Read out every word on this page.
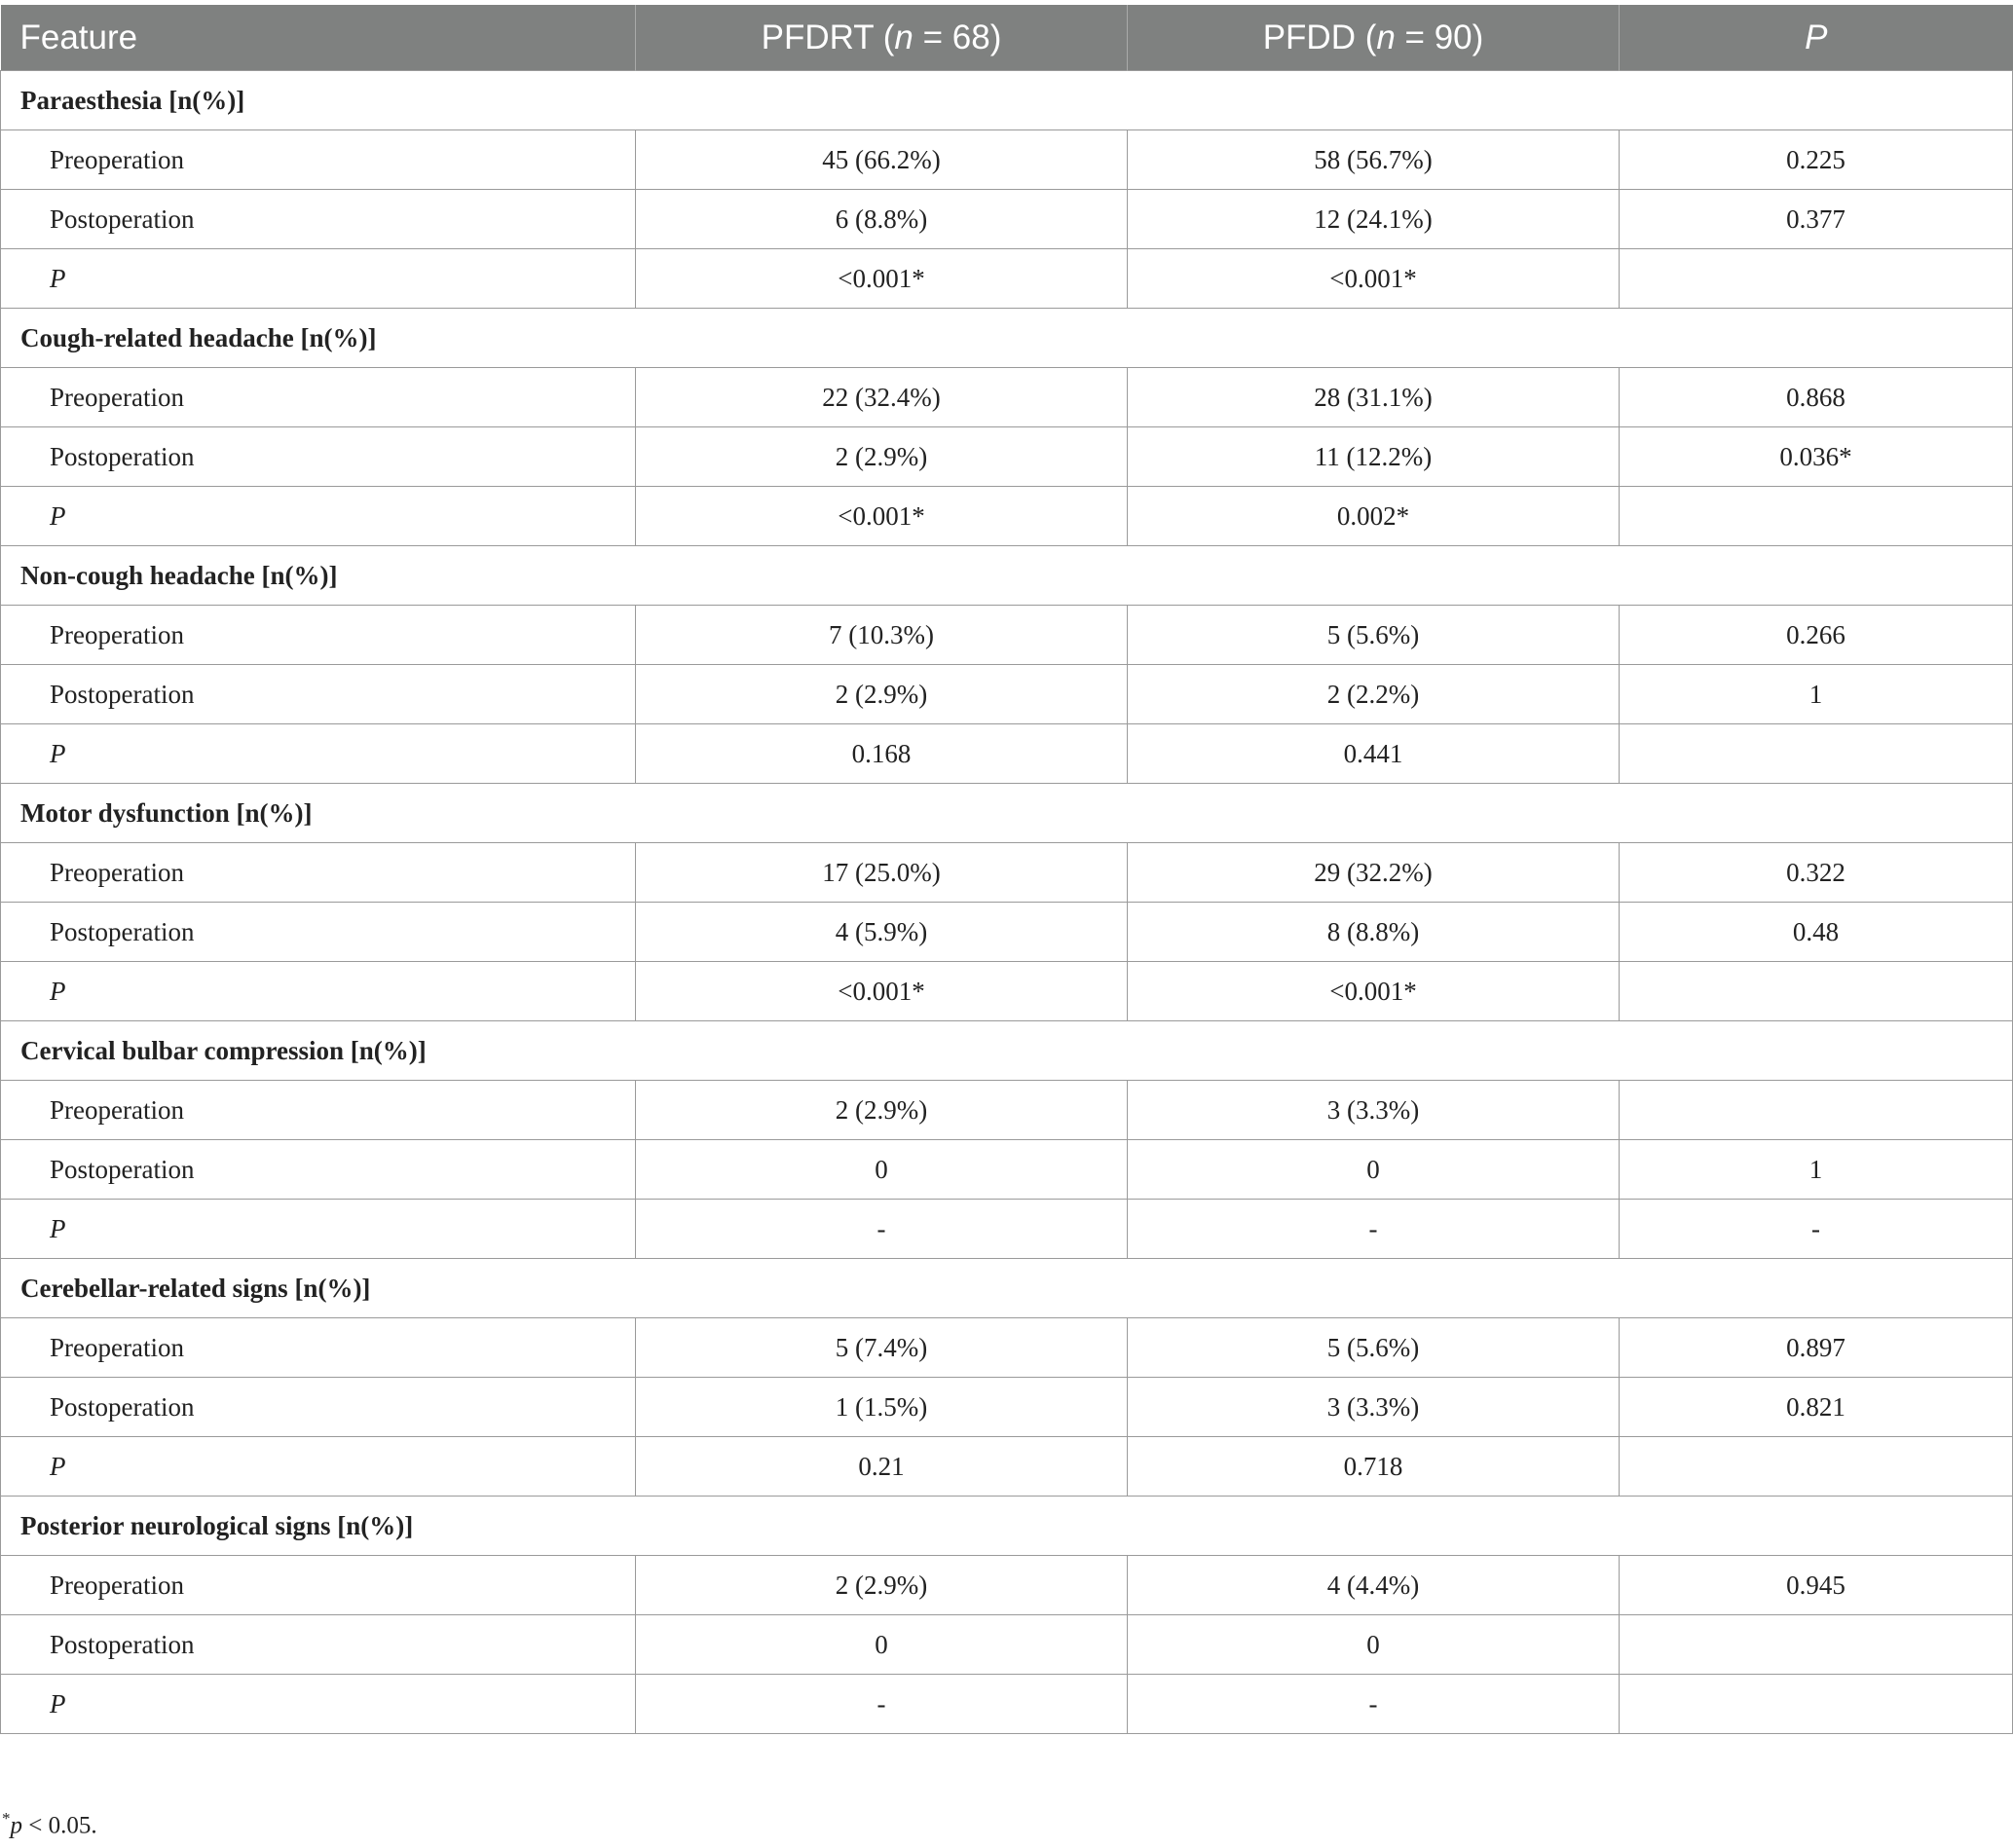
Feature	PFDRT (n = 68)	PFDD (n = 90)	P
Paraesthesia [n(%)]			
Preoperation	45 (66.2%)	58 (56.7%)	0.225
Postoperation	6 (8.8%)	12 (24.1%)	0.377
P	<0.001*	<0.001*	
Cough-related headache [n(%)]			
Preoperation	22 (32.4%)	28 (31.1%)	0.868
Postoperation	2 (2.9%)	11 (12.2%)	0.036*
P	<0.001*	0.002*	
Non-cough headache [n(%)]			
Preoperation	7 (10.3%)	5 (5.6%)	0.266
Postoperation	2 (2.9%)	2 (2.2%)	1
P	0.168	0.441	
Motor dysfunction [n(%)]			
Preoperation	17 (25.0%)	29 (32.2%)	0.322
Postoperation	4 (5.9%)	8 (8.8%)	0.48
P	<0.001*	<0.001*	
Cervical bulbar compression [n(%)]			
Preoperation	2 (2.9%)	3 (3.3%)	
Postoperation	0	0	1
P	-	-	-
Cerebellar-related signs [n(%)]			
Preoperation	5 (7.4%)	5 (5.6%)	0.897
Postoperation	1 (1.5%)	3 (3.3%)	0.821
P	0.21	0.718	
Posterior neurological signs [n(%)]			
Preoperation	2 (2.9%)	4 (4.4%)	0.945
Postoperation	0	0	
P	-	-	
*p < 0.05.
